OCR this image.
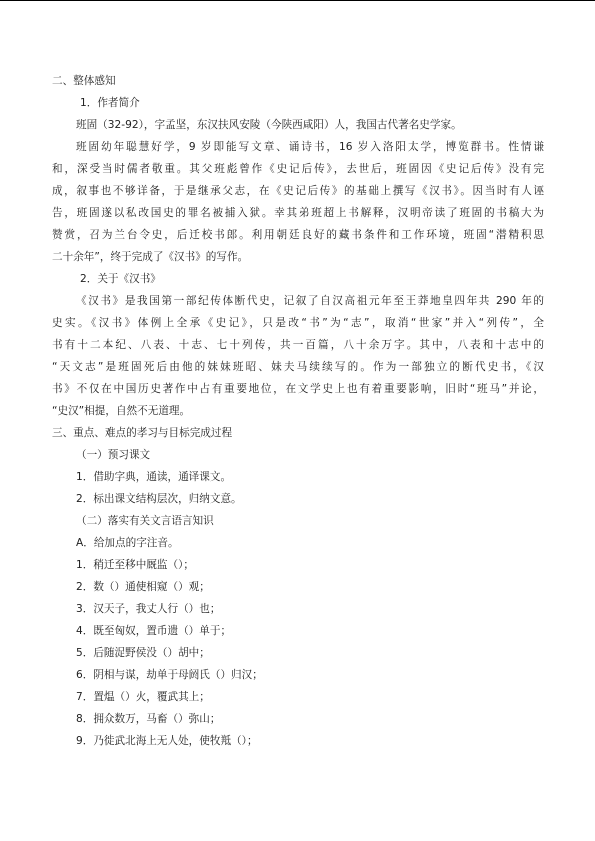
二、整体感知
1．作者简介
班固（32-92），字孟坚，东汉扶风安陵（今陕西咸阳）人，我国古代著名史学家。
班固幼年聪慧好学，9 岁即能写文章、诵诗书，16 岁入洛阳太学，博览群书。性情谦
和，深受当时儒者敬重。其父班彪曾作《史记后传》，去世后，班固因《史记后传》没有完
成，叙事也不够详备，于是继承父志，在《史记后传》的基础上撰写《汉书》。因当时有人诬
告，班固遂以私改国史的罪名被捕入狱。幸其弟班超上书解释，汉明帝读了班固的书稿大为
赞赏，召为兰台令史，后迁校书郎。利用朝廷良好的藏书条件和工作环境，班固“潜精积思
二十余年”，终于完成了《汉书》的写作。
2．关于《汉书》
《汉书》是我国第一部纪传体断代史，记叙了自汉高祖元年至王莽地皇四年共 290 年的
史实。《汉书》体例上全承《史记》，只是改“书”为“志”，取消“世家”并入“列传”，全
书有十二本纪、八表、十志、七十列传，共一百篇，八十余万字。其中，八表和十志中的
“天文志”是班固死后由他的妹妹班昭、妹夫马续续写的。作为一部独立的断代史书，《汉
书》不仅在中国历史著作中占有重要地位，在文学史上也有着重要影响，旧时“班马”并论，
“史汉”相提，自然不无道理。
三、重点、难点的孝习与目标完成过程
（一）预习课文
1．借助字典，通读，通译课文。
2．标出课文结构层次，归纳文意。
（二）落实有关文言语言知识
A．给加点的字注音。
1．稍迁至移中厩监（）；
2．数（）通使相窥（）观；
3．汉天子，我丈人行（）也；
4．既至匈奴，置币遗（）单于；
5．后随浞野侯没（）胡中；
6．阴相与谋，劫单于母阏氏（）归汉；
7．置煴（）火，覆武其上；
8．拥众数万，马畜（）弥山；
9．乃徙武北海上无人处，使牧羝（）；
